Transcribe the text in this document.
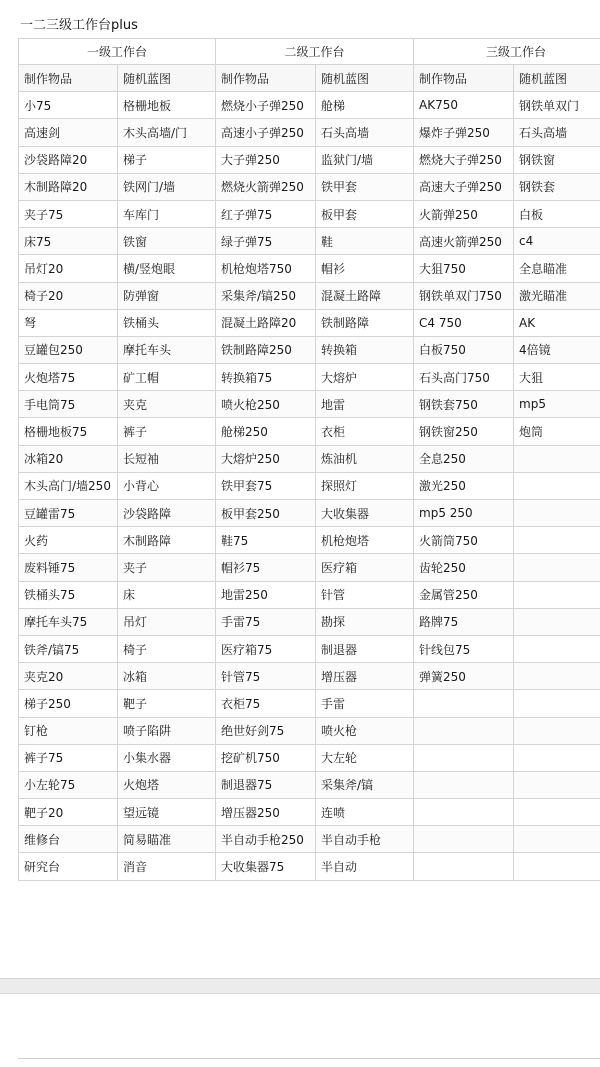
一二三级工作台plus
一级工作台		二级工作台		三级工作台	
制作物品	随机蓝图	制作物品	随机蓝图	制作物品	随机蓝图
小75	格栅地板	燃烧小子弹250	舱梯	AK750	钢铁单双门
高速剑	木头高墙/门	高速小子弹250	石头高墙	爆炸子弹250	石头高墙
沙袋路障20	梯子	大子弹250	监狱门/墙	燃烧大子弹250	钢铁窗
木制路障20	铁网门/墙	燃烧火箭弹250	铁甲套	高速大子弹250	钢铁套
夹子75	车库门	红子弹75	板甲套	火箭弹250	白板
床75	铁窗	绿子弹75	鞋	高速火箭弹250	c4
吊灯20	横/竖炮眼	机枪炮塔750	帽衫	大狙750	全息瞄准
椅子20	防弹窗	采集斧/镐250	混凝土路障	钢铁单双门750	激光瞄准
弩	铁桶头	混凝土路障20	铁制路障	C4 750	AK
豆罐包250	摩托车头	铁制路障250	转换箱	白板750	4倍镜
火炮塔75	矿工帽	转换箱75	大熔炉	石头高门750	大狙
手电筒75	夹克	喷火枪250	地雷	钢铁套750	mp5
格栅地板75	裤子	舱梯250	衣柜	钢铁窗250	炮筒
冰箱20	长短袖	大熔炉250	炼油机	全息250	
木头高门/墙250	小背心	铁甲套75	探照灯	激光250	
豆罐雷75	沙袋路障	板甲套250	大收集器	mp5 250	
火药	木制路障	鞋75	机枪炮塔	火箭筒750	
废料锤75	夹子	帽衫75	医疗箱	齿轮250	
铁桶头75	床	地雷250	针管	金属管250	
摩托车头75	吊灯	手雷75	勘探	路牌75	
铁斧/镐75	椅子	医疗箱75	制退器	针线包75	
夹克20	冰箱	针管75	增压器	弹簧250	
梯子250	靶子	衣柜75	手雷		
钉枪	喷子陷阱	绝世好剑75	喷火枪		
裤子75	小集水器	挖矿机750	大左轮		
小左轮75	火炮塔	制退器75	采集斧/镐		
靶子20	望远镜	增压器250	连喷		
维修台	简易瞄准	半自动手枪250	半自动手枪		
研究台	消音	大收集器75	半自动		
